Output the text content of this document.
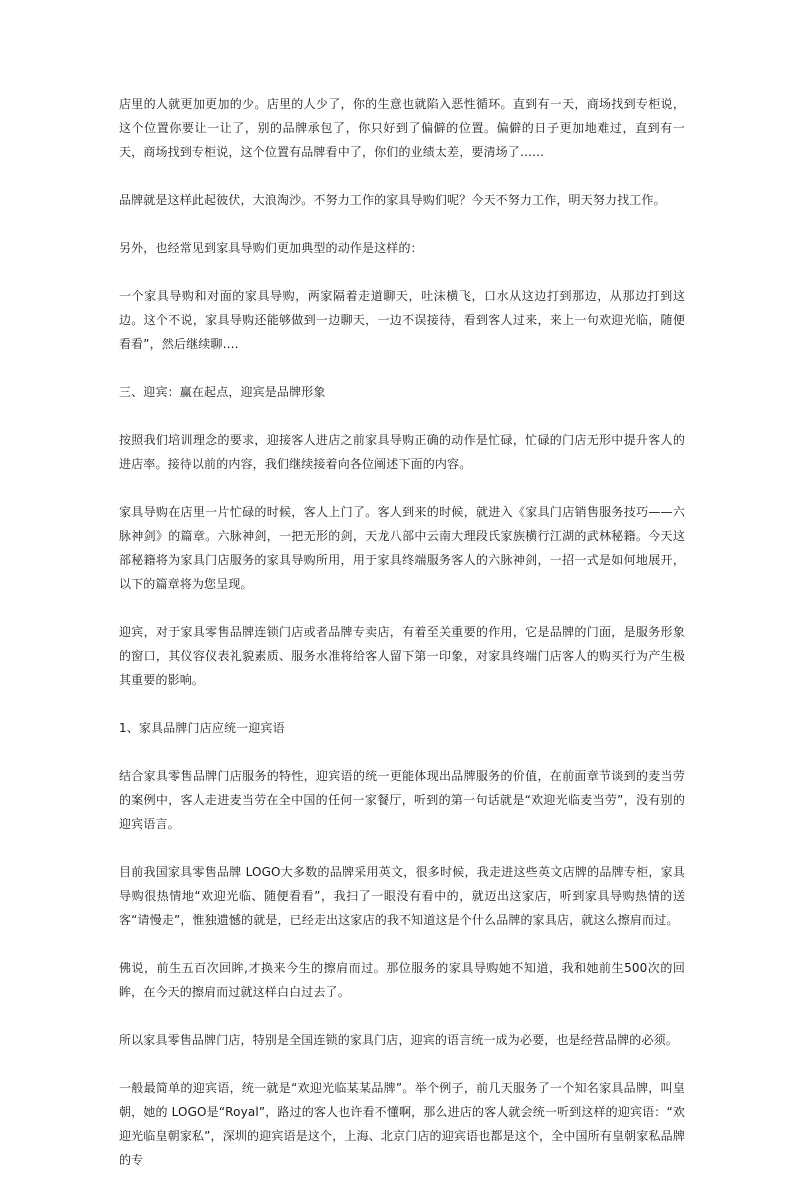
店里的人就更加更加的少。店里的人少了，你的生意也就陷入恶性循环。直到有一天，商场找到专柜说，这个位置你要让一让了，别的品牌承包了，你只好到了偏僻的位置。偏僻的日子更加地难过，直到有一天，商场找到专柜说，这个位置有品牌看中了，你们的业绩太差，要清场了……

品牌就是这样此起彼伏，大浪淘沙。不努力工作的家具导购们呢？今天不努力工作，明天努力找工作。

另外，也经常见到家具导购们更加典型的动作是这样的：

一个家具导购和对面的家具导购，两家隔着走道聊天，吐沫横飞，口水从这边打到那边，从那边打到这边。这个不说，家具导购还能够做到一边聊天，一边不误接待，看到客人过来，来上一句欢迎光临，随便看看”，然后继续聊….

三、迎宾：赢在起点，迎宾是品牌形象

按照我们培训理念的要求，迎接客人进店之前家具导购正确的动作是忙碌，忙碌的门店无形中提升客人的进店率。接待以前的内容，我们继续接着向各位阐述下面的内容。

家具导购在店里一片忙碌的时候，客人上门了。客人到来的时候，就进入《家具门店销售服务技巧——六脉神剑》的篇章。六脉神剑，一把无形的剑，天龙八部中云南大理段氏家族横行江湖的武林秘籍。今天这部秘籍将为家具门店服务的家具导购所用，用于家具终端服务客人的六脉神剑，一招一式是如何地展开，以下的篇章将为您呈现。

迎宾，对于家具零售品牌连锁门店或者品牌专卖店，有着至关重要的作用，它是品牌的门面，是服务形象的窗口，其仪容仪表礼貌素质、服务水准将给客人留下第一印象，对家具终端门店客人的购买行为产生极其重要的影响。

1、家具品牌门店应统一迎宾语

结合家具零售品牌门店服务的特性，迎宾语的统一更能体现出品牌服务的价值，在前面章节谈到的麦当劳的案例中，客人走进麦当劳在全中国的任何一家餐厅，听到的第一句话就是“欢迎光临麦当劳”，没有别的迎宾语言。

目前我国家具零售品牌 LOGO大多数的品牌采用英文，很多时候，我走进这些英文店牌的品牌专柜，家具导购很热情地“欢迎光临、随便看看”，我扫了一眼没有看中的，就迈出这家店，听到家具导购热情的送客“请慢走”，惟独遗憾的就是，已经走出这家店的我不知道这是个什么品牌的家具店，就这么擦肩而过。

佛说，前生五百次回眸,才换来今生的擦肩而过。那位服务的家具导购她不知道，我和她前生500次的回眸，在今天的擦肩而过就这样白白过去了。

所以家具零售品牌门店，特别是全国连锁的家具门店，迎宾的语言统一成为必要，也是经营品牌的必须。

一般最简单的迎宾语，统一就是“欢迎光临某某品牌”。举个例子，前几天服务了一个知名家具品牌，叫皇朝，她的 LOGO是“Royal”，路过的客人也许看不懂啊，那么进店的客人就会统一听到这样的迎宾语：“欢迎光临皇朝家私”，深圳的迎宾语是这个，上海、北京门店的迎宾语也都是这个，全中国所有皇朝家私品牌的专
